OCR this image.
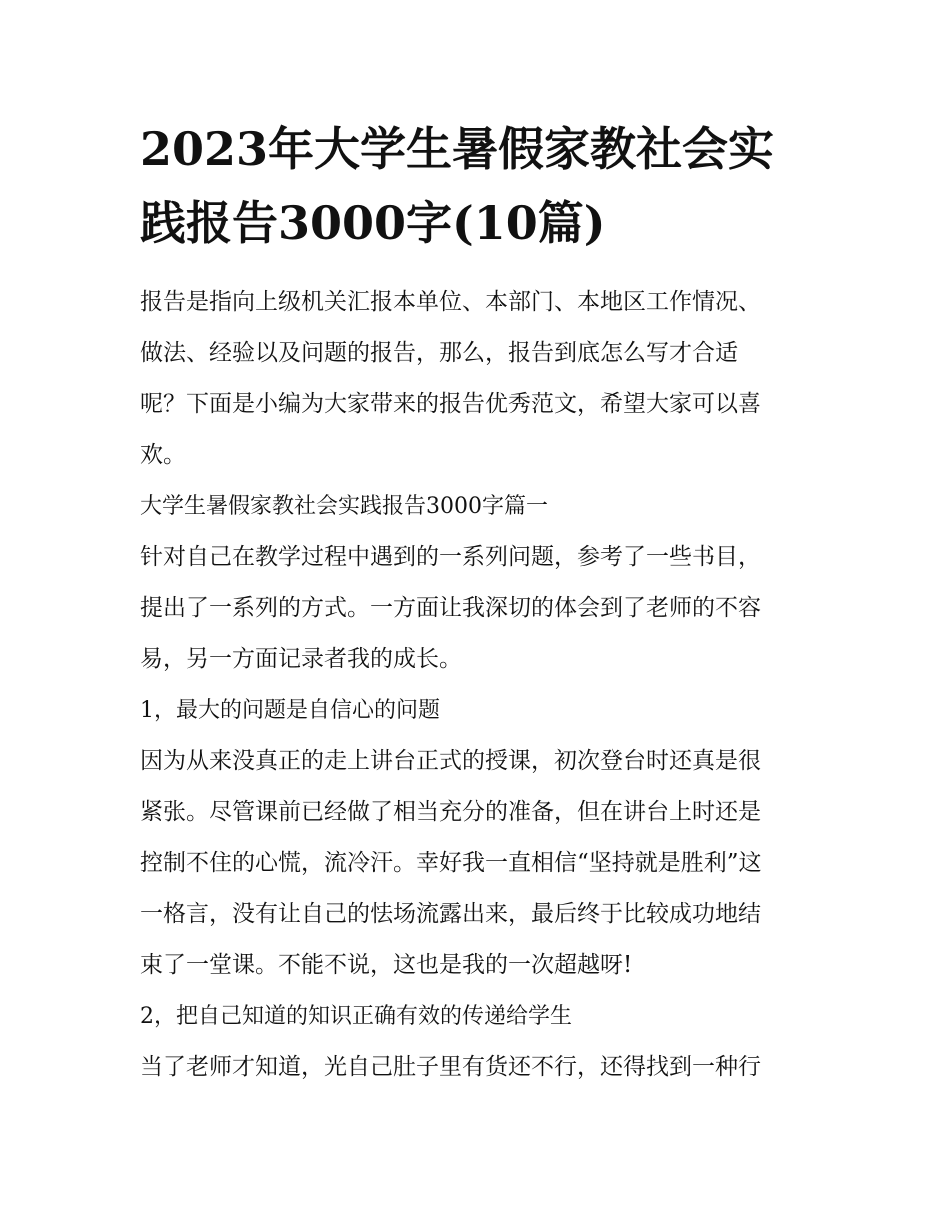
2023年大学生暑假家教社会实
践报告3000字(10篇)
报告是指向上级机关汇报本单位、本部门、本地区工作情况、
做法、经验以及问题的报告，那么，报告到底怎么写才合适
呢？下面是小编为大家带来的报告优秀范文，希望大家可以喜
欢。
大学生暑假家教社会实践报告3000字篇一
针对自己在教学过程中遇到的一系列问题，参考了一些书目，
提出了一系列的方式。一方面让我深切的体会到了老师的不容
易，另一方面记录者我的成长。
1，最大的问题是自信心的问题
因为从来没真正的走上讲台正式的授课，初次登台时还真是很
紧张。尽管课前已经做了相当充分的准备，但在讲台上时还是
控制不住的心慌，流冷汗。幸好我一直相信“坚持就是胜利”这
一格言，没有让自己的怯场流露出来，最后终于比较成功地结
束了一堂课。不能不说，这也是我的一次超越呀!
2，把自己知道的知识正确有效的传递给学生
当了老师才知道，光自己肚子里有货还不行，还得找到一种行
